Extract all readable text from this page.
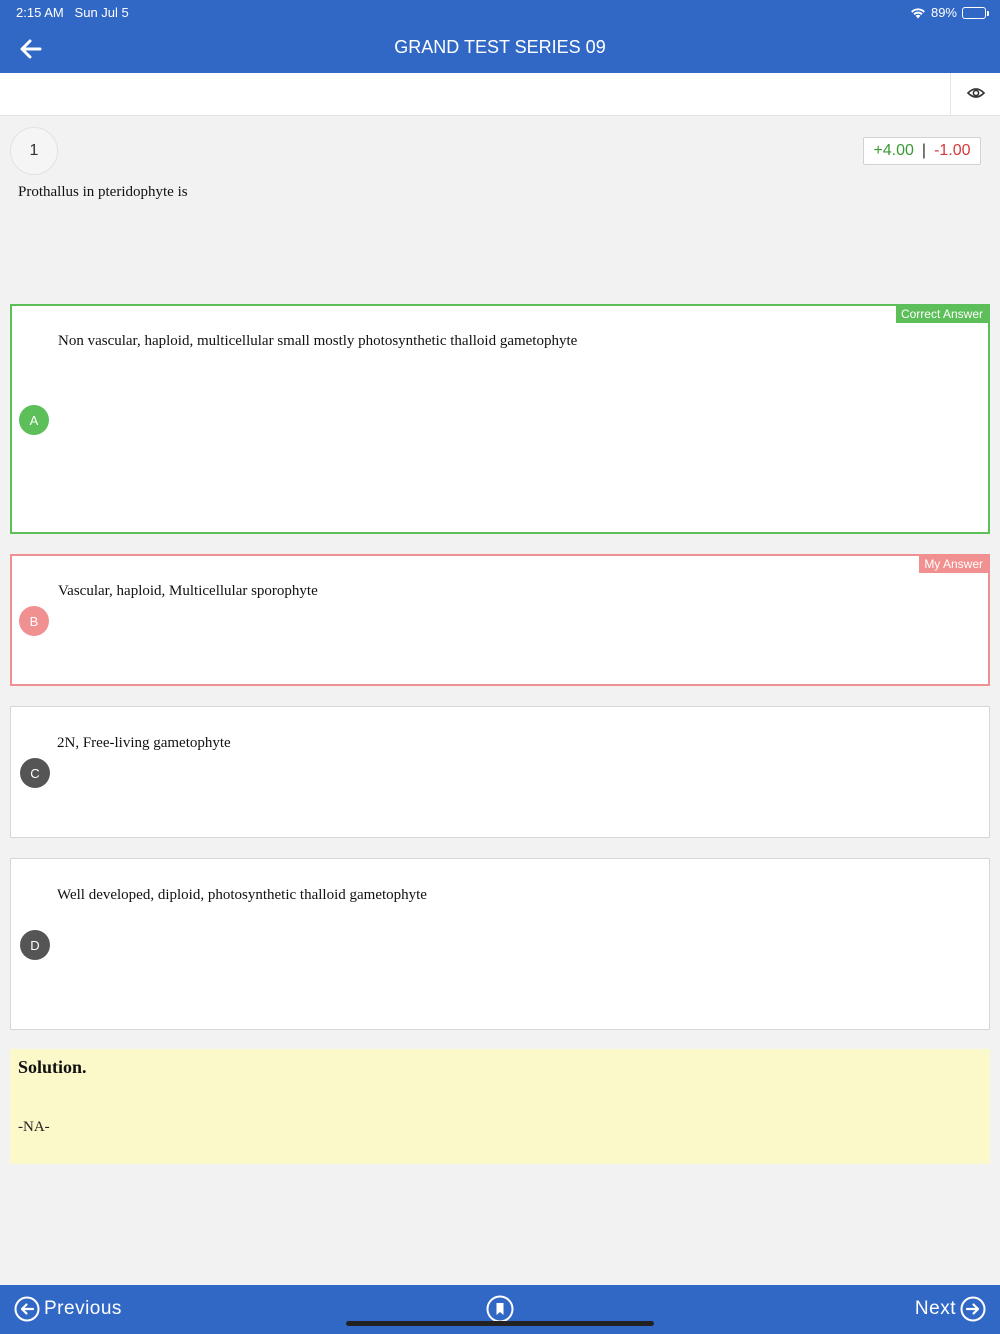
2:15 AM Sun Jul 5	89%
GRAND TEST SERIES 09
1	+4.00 | -1.00
Prothallus in pteridophyte is
Correct Answer
Non vascular, haploid, multicellular small mostly photosynthetic thalloid gametophyte
A
My Answer
Vascular, haploid, Multicellular sporophyte
B
2N, Free-living gametophyte
C
Well developed, diploid, photosynthetic thalloid gametophyte
D
Solution.
-NA-
Previous	Next
